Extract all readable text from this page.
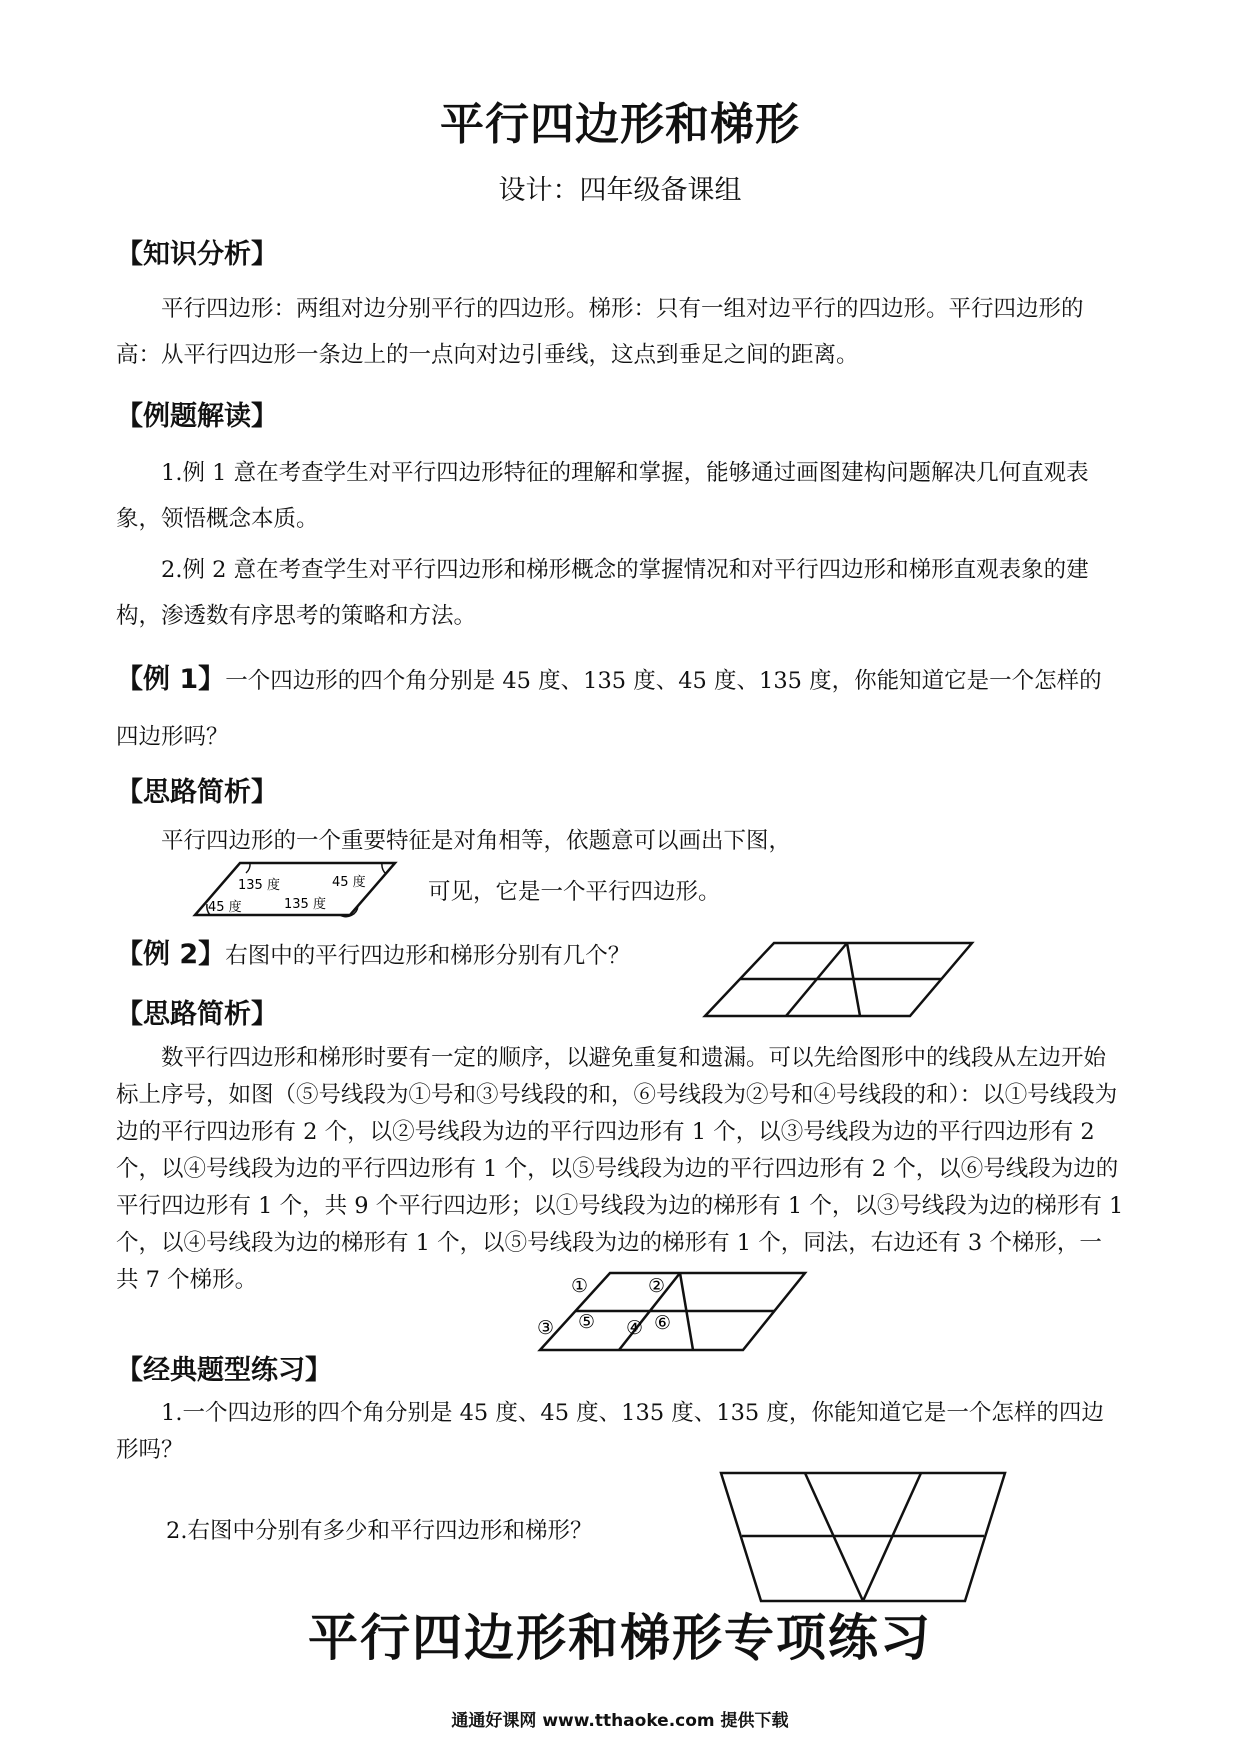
平行四边形和梯形
设计：四年级备课组
【知识分析】

平行四边形：两组对边分别平行的四边形。梯形：只有一组对边平行的四边形。平行四边形的高：从平行四边形一条边上的一点向对边引垂线，这点到垂足之间的距离。

【例题解读】

1.例 1 意在考查学生对平行四边形特征的理解和掌握，能够通过画图建构问题解决几何直观表象，领悟概念本质。

2.例 2 意在考查学生对平行四边形和梯形概念的掌握情况和对平行四边形和梯形直观表象的建构，渗透数有序思考的策略和方法。

【例 1】一个四边形的四个角分别是 45 度、135 度、45 度、135 度，你能知道它是一个怎样的四边形吗？
【思路简析】

平行四边形的一个重要特征是对角相等，依题意可以画出下图，

135 度	45 度
45 度	135 度	可见，它是一个平行四边形。
【例 2】右图中的平行四边形和梯形分别有几个？
【思路简析】

数平行四边形和梯形时要有一定的顺序，以避免重复和遗漏。可以先给图形中的线段从左边开始标上序号，如图（⑤号线段为①号和③号线段的和，⑥号线段为②号和④号线段的和）：以①号线段为边的平行四边形有 2 个，以②号线段为边的平行四边形有 1 个，以③号线段为边的平行四边形有 2 个，以④号线段为边的平行四边形有 1 个，以⑤号线段为边的平行四边形有 2 个，以⑥号线段为边的平行四边形有 1 个，共 9 个平行四边形；以①号线段为边的梯形有 1 个，以③号线段为边的梯形有 1 个，以④号线段为边的梯形有 1 个，以⑤号线段为边的梯形有 1 个，同法，右边还有 3 个梯形，一共 7 个梯形。	①	②
③ ⑤ ④ ⑥
【经典题型练习】

1.一个四边形的四个角分别是 45 度、45 度、135 度、135 度，你能知道它是一个怎样的四边形吗？

2.右图中分别有多少和平行四边形和梯形？
平行四边形和梯形专项练习
通通好课网 www.tthaoke.com 提供下载
